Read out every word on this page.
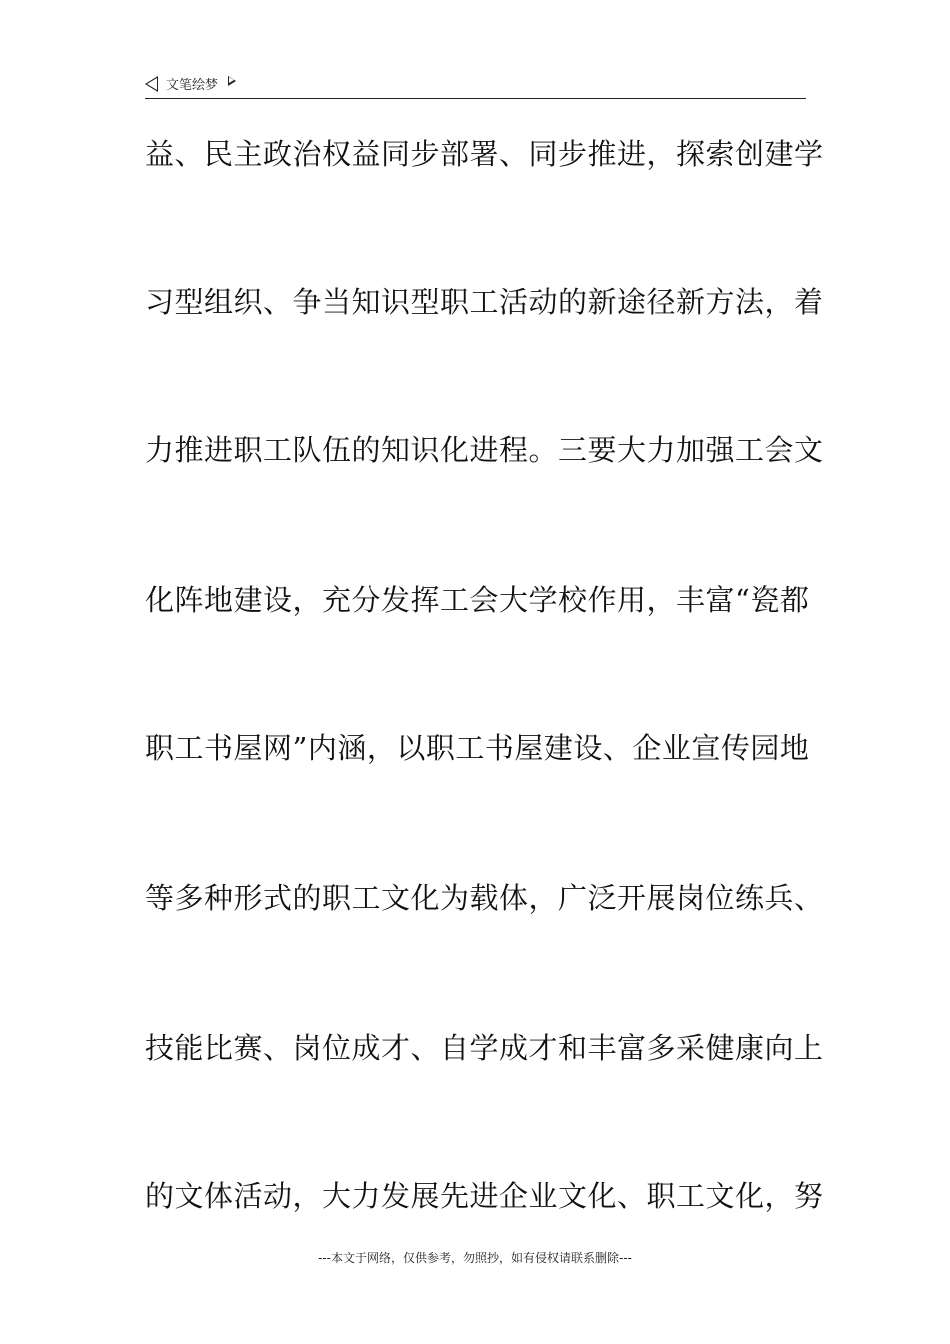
文笔绘梦
益、民主政治权益同步部署、同步推进，探索创建学
习型组织、争当知识型职工活动的新途径新方法，着
力推进职工队伍的知识化进程。三要大力加强工会文
化阵地建设，充分发挥工会大学校作用，丰富“瓷都
职工书屋网”内涵，以职工书屋建设、企业宣传园地
等多种形式的职工文化为载体，广泛开展岗位练兵、
技能比赛、岗位成才、自学成才和丰富多采健康向上
的文体活动，大力发展先进企业文化、职工文化，努
---本文于网络，仅供参考，勿照抄，如有侵权请联系删除---
